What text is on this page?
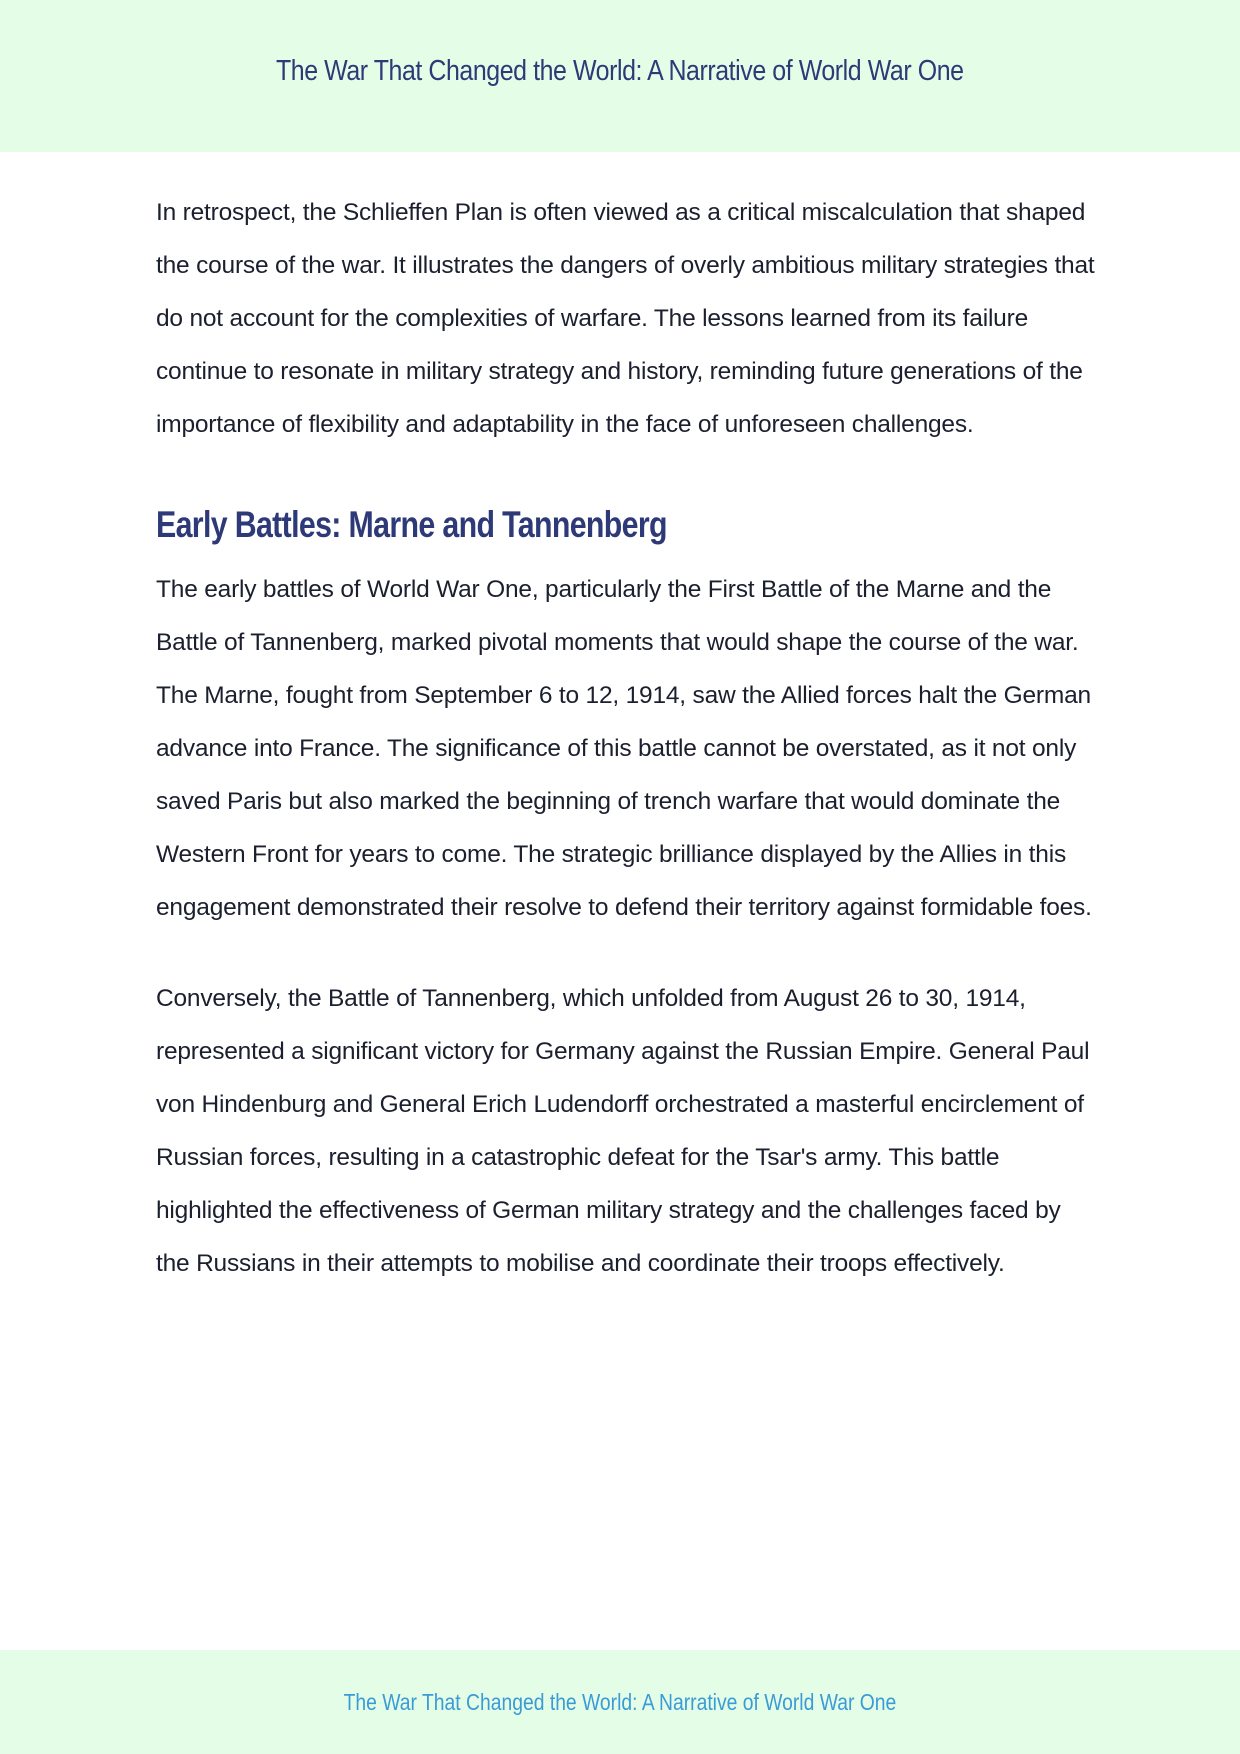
The War That Changed the World: A Narrative of World War One

In retrospect, the Schlieffen Plan is often viewed as a critical miscalculation that shaped the course of the war. It illustrates the dangers of overly ambitious military strategies that do not account for the complexities of warfare. The lessons learned from its failure continue to resonate in military strategy and history, reminding future generations of the importance of flexibility and adaptability in the face of unforeseen challenges.

Early Battles: Marne and Tannenberg

The early battles of World War One, particularly the First Battle of the Marne and the Battle of Tannenberg, marked pivotal moments that would shape the course of the war. The Marne, fought from September 6 to 12, 1914, saw the Allied forces halt the German advance into France. The significance of this battle cannot be overstated, as it not only saved Paris but also marked the beginning of trench warfare that would dominate the Western Front for years to come. The strategic brilliance displayed by the Allies in this engagement demonstrated their resolve to defend their territory against formidable foes.

Conversely, the Battle of Tannenberg, which unfolded from August 26 to 30, 1914, represented a significant victory for Germany against the Russian Empire. General Paul von Hindenburg and General Erich Ludendorff orchestrated a masterful encirclement of Russian forces, resulting in a catastrophic defeat for the Tsar's army. This battle highlighted the effectiveness of German military strategy and the challenges faced by the Russians in their attempts to mobilise and coordinate their troops effectively.

The War That Changed the World: A Narrative of World War One
